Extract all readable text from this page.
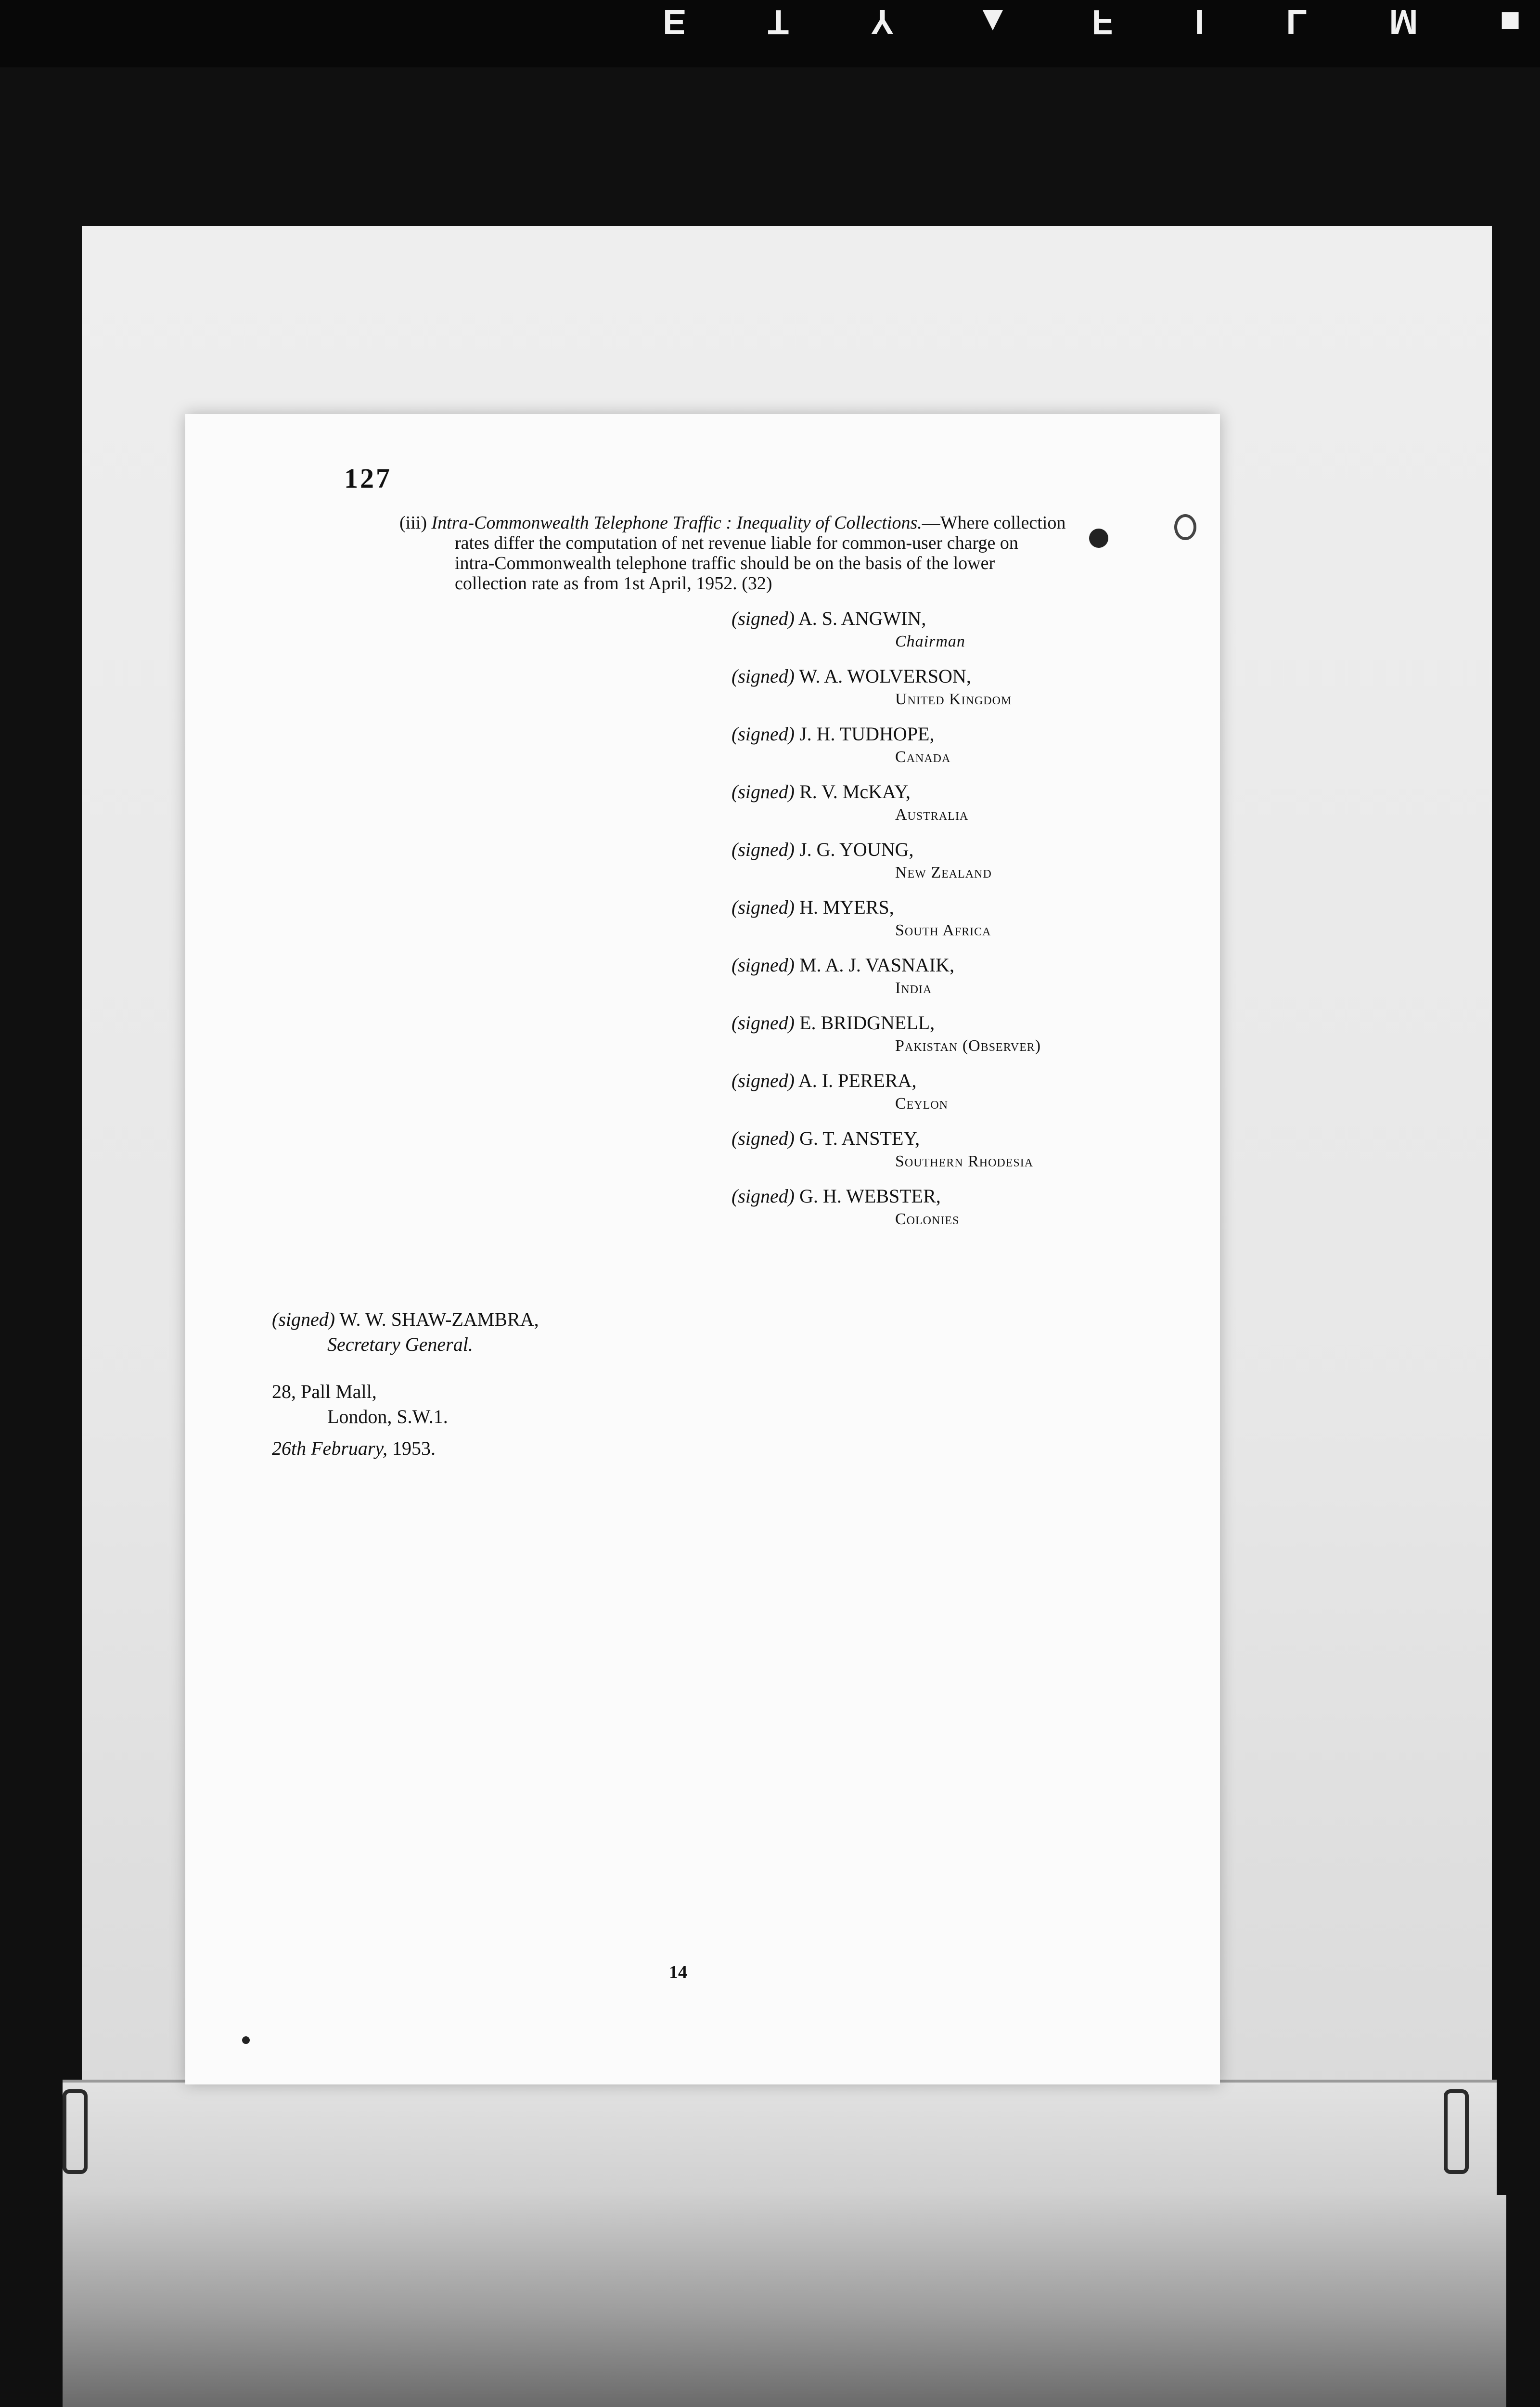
E T Y ▲ F I L M ■
127
(iii) Intra-Commonwealth Telephone Traffic : Inequality of Collections.—Where collection
rates differ the computation of net revenue liable for common-user charge on
intra-Commonwealth telephone traffic should be on the basis of the lower
collection rate as from 1st April, 1952. (32)
(signed) A. S. ANGWIN,
Chairman
(signed) W. A. WOLVERSON,
United Kingdom
(signed) J. H. TUDHOPE,
Canada
(signed) R. V. McKAY,
Australia
(signed) J. G. YOUNG,
New Zealand
(signed) H. MYERS,
South Africa
(signed) M. A. J. VASNAIK,
India
(signed) E. BRIDGNELL,
Pakistan (Observer)
(signed) A. I. PERERA,
Ceylon
(signed) G. T. ANSTEY,
Southern Rhodesia
(signed) G. H. WEBSTER,
Colonies
(signed) W. W. SHAW-ZAMBRA,
Secretary General.
28, Pall Mall,
London, S.W.1.
26th February, 1953.
14
